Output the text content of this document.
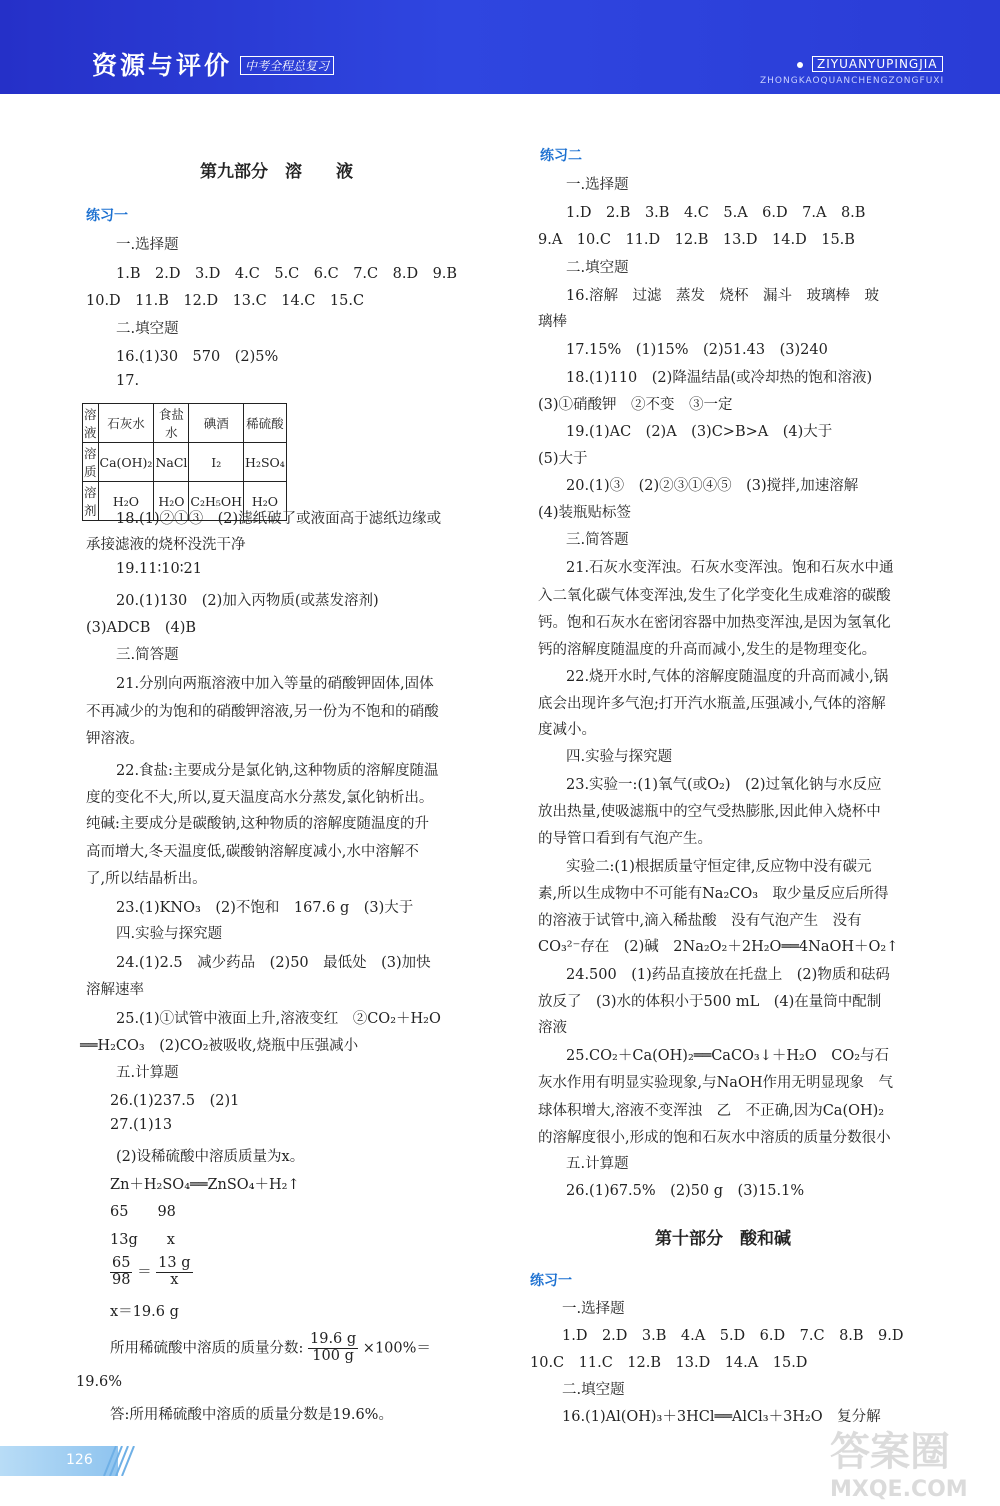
资源与评价	中考全程总复习	ZIYUANYUPINGJIA
ZHONGKAOQUANCHENGZONGFUXI
第九部分　溶　　液
练习一
一.选择题
1.B　2.D　3.D　4.C　5.C　6.C　7.C　8.D　9.B
10.D　11.B　12.D　13.C　14.C　15.C
二.填空题
16.(1)30　570　(2)5%
17.
溶液	石灰水	食盐水	碘酒	稀硫酸
溶质	Ca(OH)₂	NaCl	I₂	H₂SO₄
溶剂	H₂O	H₂O	C₂H₅OH	H₂O
18.(1)②①③　(2)滤纸破了或液面高于滤纸边缘或
承接滤液的烧杯没洗干净
19.11∶10∶21
20.(1)130　(2)加入丙物质(或蒸发溶剂)
(3)ADCB　(4)B
三.简答题
21.分别向两瓶溶液中加入等量的硝酸钾固体,固体
不再减少的为饱和的硝酸钾溶液,另一份为不饱和的硝酸
钾溶液。
22.食盐:主要成分是氯化钠,这种物质的溶解度随温
度的变化不大,所以,夏天温度高水分蒸发,氯化钠析出。
纯碱:主要成分是碳酸钠,这种物质的溶解度随温度的升
高而增大,冬天温度低,碳酸钠溶解度减小,水中溶解不
了,所以结晶析出。
23.(1)KNO₃　(2)不饱和　167.6 g　(3)大于
四.实验与探究题
24.(1)2.5　减少药品　(2)50　最低处　(3)加快
溶解速率
25.(1)①试管中液面上升,溶液变红　②CO₂＋H₂O
══H₂CO₃　(2)CO₂被吸收,烧瓶中压强减小
五.计算题
26.(1)237.5　(2)1
27.(1)13
(2)设稀硫酸中溶质质量为x。
Zn＋H₂SO₄══ZnSO₄＋H₂↑
65　　98
13g　　x
$\frac{65}{98} = \frac{13 g}{x}$
x＝19.6 g
所用稀硫酸中溶质的质量分数: $\frac{19.6 g}{100 g} \times 100\%=$
19.6%
答:所用稀硫酸中溶质的质量分数是19.6%。
练习二
一.选择题
1.D　2.B　3.B　4.C　5.A　6.D　7.A　8.B
9.A　10.C　11.D　12.B　13.D　14.D　15.B
二.填空题
16.溶解　过滤　蒸发　烧杯　漏斗　玻璃棒　玻
璃棒
17.15%　(1)15%　(2)51.43　(3)240
18.(1)110　(2)降温结晶(或冷却热的饱和溶液)
(3)①硝酸钾　②不变　③一定
19.(1)AC　(2)A　(3)C>B>A　(4)大于
(5)大于
20.(1)③　(2)②③①④⑤　(3)搅拌,加速溶解
(4)装瓶贴标签
三.简答题
21.石灰水变浑浊。石灰水变浑浊。饱和石灰水中通
入二氧化碳气体变浑浊,发生了化学变化生成难溶的碳酸
钙。饱和石灰水在密闭容器中加热变浑浊,是因为氢氧化
钙的溶解度随温度的升高而减小,发生的是物理变化。
22.烧开水时,气体的溶解度随温度的升高而减小,锅
底会出现许多气泡;打开汽水瓶盖,压强减小,气体的溶解
度减小。
四.实验与探究题
23.实验一:(1)氧气(或O₂)　(2)过氧化钠与水反应
放出热量,使吸滤瓶中的空气受热膨胀,因此伸入烧杯中
的导管口看到有气泡产生。
实验二:(1)根据质量守恒定律,反应物中没有碳元
素,所以生成物中不可能有Na₂CO₃　取少量反应后所得
的溶液于试管中,滴入稀盐酸　没有气泡产生　没有
CO₃²⁻存在　(2)碱　2Na₂O₂＋2H₂O══4NaOH＋O₂↑
24.500　(1)药品直接放在托盘上　(2)物质和砝码
放反了　(3)水的体积小于500 mL　(4)在量筒中配制
溶液
25.CO₂＋Ca(OH)₂══CaCO₃↓＋H₂O　CO₂与石
灰水作用有明显实验现象,与NaOH作用无明显现象　气
球体积增大,溶液不变浑浊　乙　不正确,因为Ca(OH)₂
的溶解度很小,形成的饱和石灰水中溶质的质量分数很小
五.计算题
26.(1)67.5%　(2)50 g　(3)15.1%
第十部分　酸和碱
练习一
一.选择题
1.D　2.D　3.B　4.A　5.D　6.D　7.C　8.B　9.D
10.C　11.C　12.B　13.D　14.A　15.D
二.填空题
16.(1)Al(OH)₃＋3HCl══AlCl₃＋3H₂O　复分解
126	答案圈
MXQE.COM
